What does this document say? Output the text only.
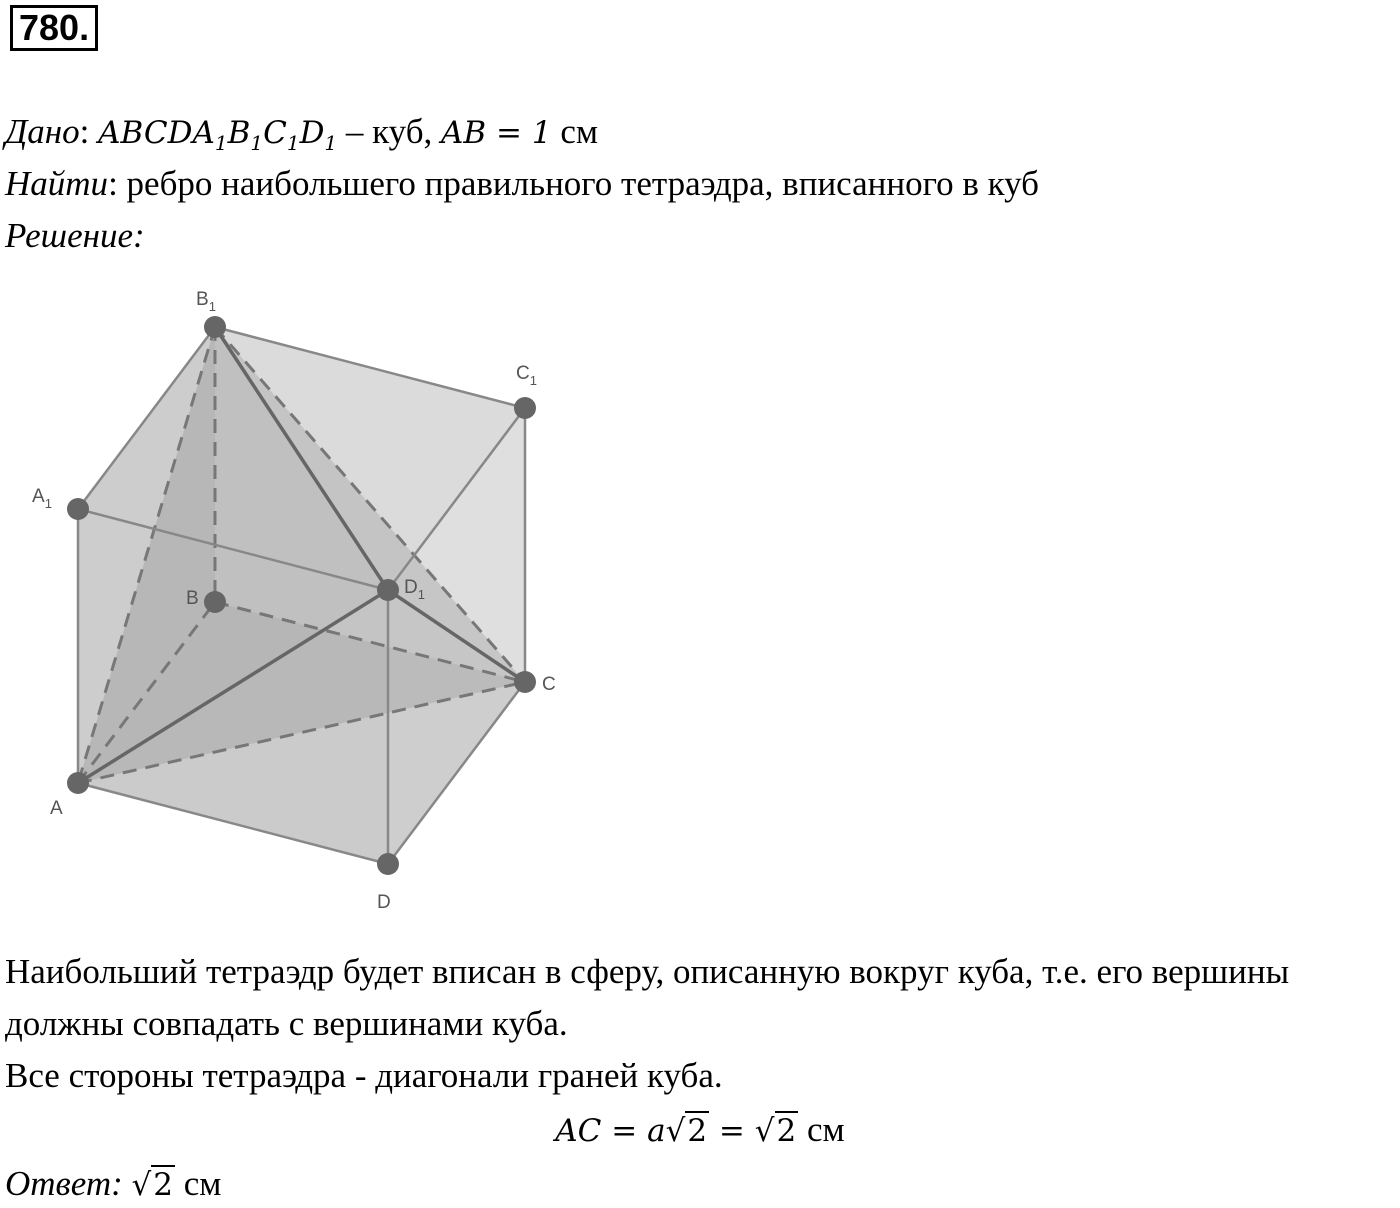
780.
Дано: $ABCDA_1B_1C_1D_1$ – куб, AB = 1 см
Найти: ребро наибольшего правильного тетраэдра, вписанного в куб
Решение:
$B_1$
$C_1$
$A_1$
B
$D_1$
C
A
D
Наибольший тетраэдр будет вписан в сферу, описанную вокруг куба, т.е. его вершины
должны совпадать с вершинами куба.
Все стороны тетраэдра - диагонали граней куба.
AC = a√2 = √2 см
Ответ: √2 см
